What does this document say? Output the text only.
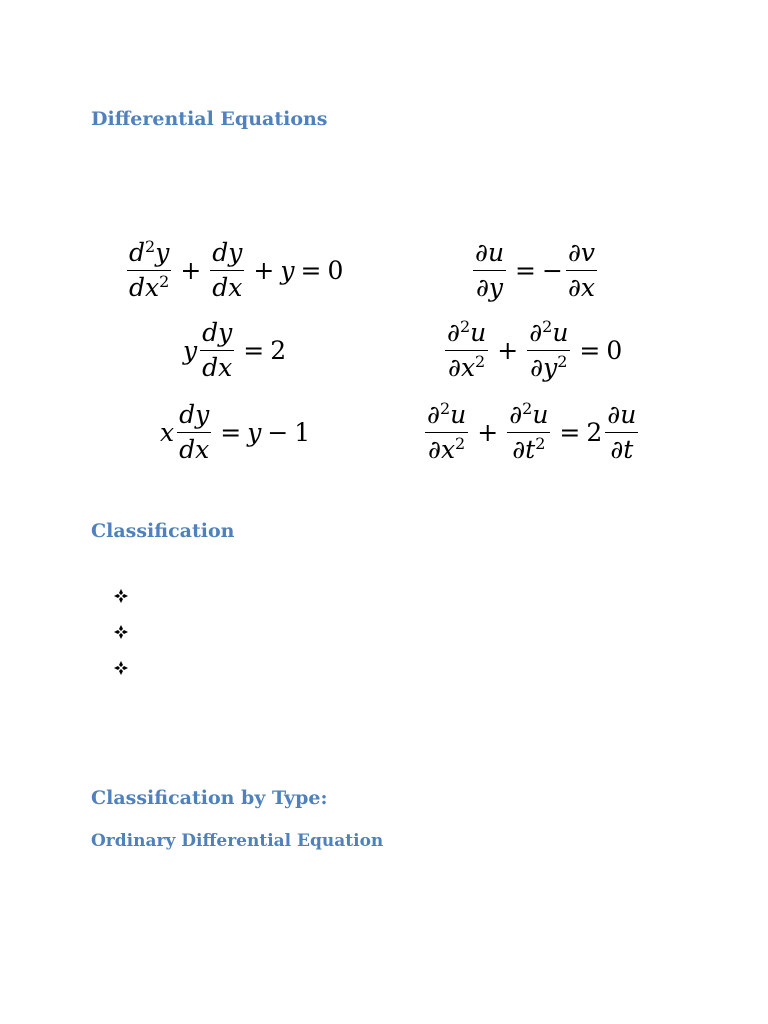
Differential Equations
$\frac{d^2y}{dx^2} + \frac{dy}{dx} + y = 0$
y $\frac{dy}{dx} = 2$
x $\frac{dy}{dx} = y - 1$
$\frac{\partial u}{\partial y}$ = − $\frac{\partial v}{\partial x}$
$\frac{\partial^2u}{\partial x^2} + \frac{\partial^2u}{\partial y^2} = 0$
$\frac{\partial^2u}{\partial x^2} + \frac{\partial^2u}{\partial t^2} = 2 \frac{\partial u}{\partial t}$
Classification
Classification by Type:
Ordinary Differential Equation
